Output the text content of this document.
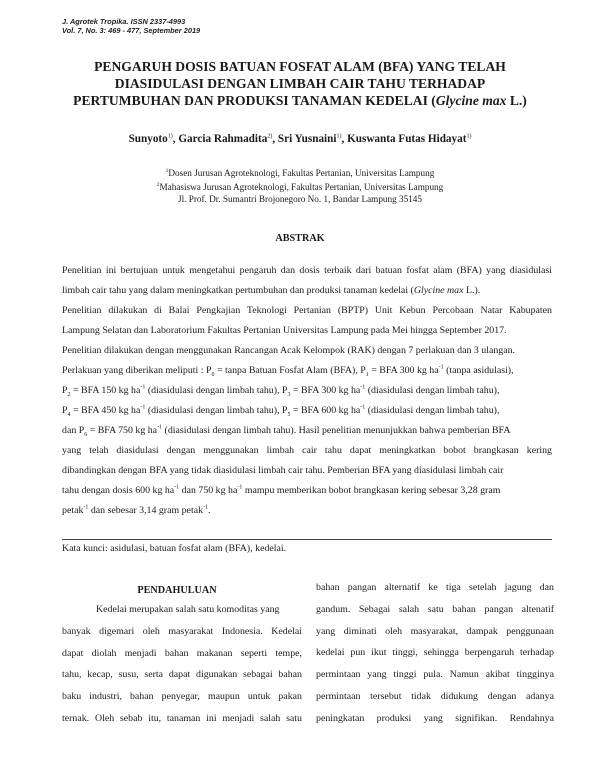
J. Agrotek Tropika. ISSN 2337-4993
Vol. 7, No. 3: 469 - 477, September 2019
PENGARUH DOSIS BATUAN FOSFAT ALAM (BFA) YANG TELAH
DIASIDULASI DENGAN LIMBAH CAIR TAHU TERHADAP
PERTUMBUHAN DAN PRODUKSI TANAMAN KEDELAI (Glycine max L.)
Sunyoto$^{1)}$, Garcia Rahmadita$^{2)}$, Sri Yusnaini$^{1)}$, Kuswanta Futas Hidayat$^{1)}$
$^1$Dosen Jurusan Agroteknologi, Fakultas Pertanian, Universitas Lampung
$^2$Mahasiswa Jurusan Agroteknologi, Fakultas Pertanian, Universitas Lampung
Jl. Prof. Dr. Sumantri Brojonegoro No. 1, Bandar Lampung 35145
ABSTRAK
Penelitian ini bertujuan untuk mengetahui pengaruh dan dosis terbaik dari batuan fosfat alam (BFA) yang diasidulasi
limbah cair tahu yang dalam meningkatkan pertumbuhan dan produksi tanaman kedelai (Glycine max L.).
Penelitian dilakukan di Balai Pengkajian Teknologi Pertanian (BPTP) Unit Kebun Percobaan Natar Kabupaten
Lampung Selatan dan Laboratorium Fakultas Pertanian Universitas Lampung pada Mei hingga September 2017.
Penelitian dilakukan dengan menggunakan Rancangan Acak Kelompok (RAK) dengan 7 perlakuan dan 3 ulangan.
Perlakuan yang diberikan meliputi : $P_0$ = tanpa Batuan Fosfat Alam (BFA), $P_1$ = BFA 300 kg $ha^{-1}$ (tanpa asidulasi),
$P_2$ = BFA 150 kg $ha^{-1}$ (diasidulasi dengan limbah tahu), $P_3$ = BFA 300 kg $ha^{-1}$ (diasidulasi dengan limbah tahu),
$P_4$ = BFA 450 kg $ha^{-1}$ (diasidulasi dengan limbah tahu), $P_5$ = BFA 600 kg $ha^{-1}$ (diasidulasi dengan limbah tahu),
dan $P_6$ = BFA 750 kg $ha^{-1}$ (diasidulasi dengan limbah tahu). Hasil penelitian menunjukkan bahwa pemberian BFA
yang telah diasidulasi dengan menggunakan limbah cair tahu dapat meningkatkan bobot brangkasan kering
dibandingkan dengan BFA yang tidak diasidulasi limbah cair tahu. Pemberian BFA yang diasidulasi limbah cair
tahu dengan dosis 600 kg $ha^{-1}$ dan 750 kg $ha^{-1}$ mampu memberikan bobot brangkasan kering sebesar 3,28 gram
petak$^{-1}$ dan sebesar 3,14 gram petak$^{-1}$.
Kata kunci: asidulasi, batuan fosfat alam (BFA), kedelai.
PENDAHULUAN
Kedelai merupakan salah satu komoditas yang
banyak digemari oleh masyarakat Indonesia. Kedelai
dapat diolah menjadi bahan makanan seperti tempe,
tahu, kecap, susu, serta dapat digunakan sebagai bahan
baku industri, bahan penyegar, maupun untuk pakan
ternak. Oleh sebab itu, tanaman ini menjadi salah satu
bahan pangan alternatif ke tiga setelah jagung dan
gandum. Sebagai salah satu bahan pangan altenatif
yang diminati oleh masyarakat, dampak penggunaan
kedelai pun ikut tinggi, sehingga berpengaruh terhadap
permintaan yang tinggi pula. Namun akibat tingginya
permintaan tersebut tidak didukung dengan adanya
peningkatan produksi yang signifikan. Rendahnya
